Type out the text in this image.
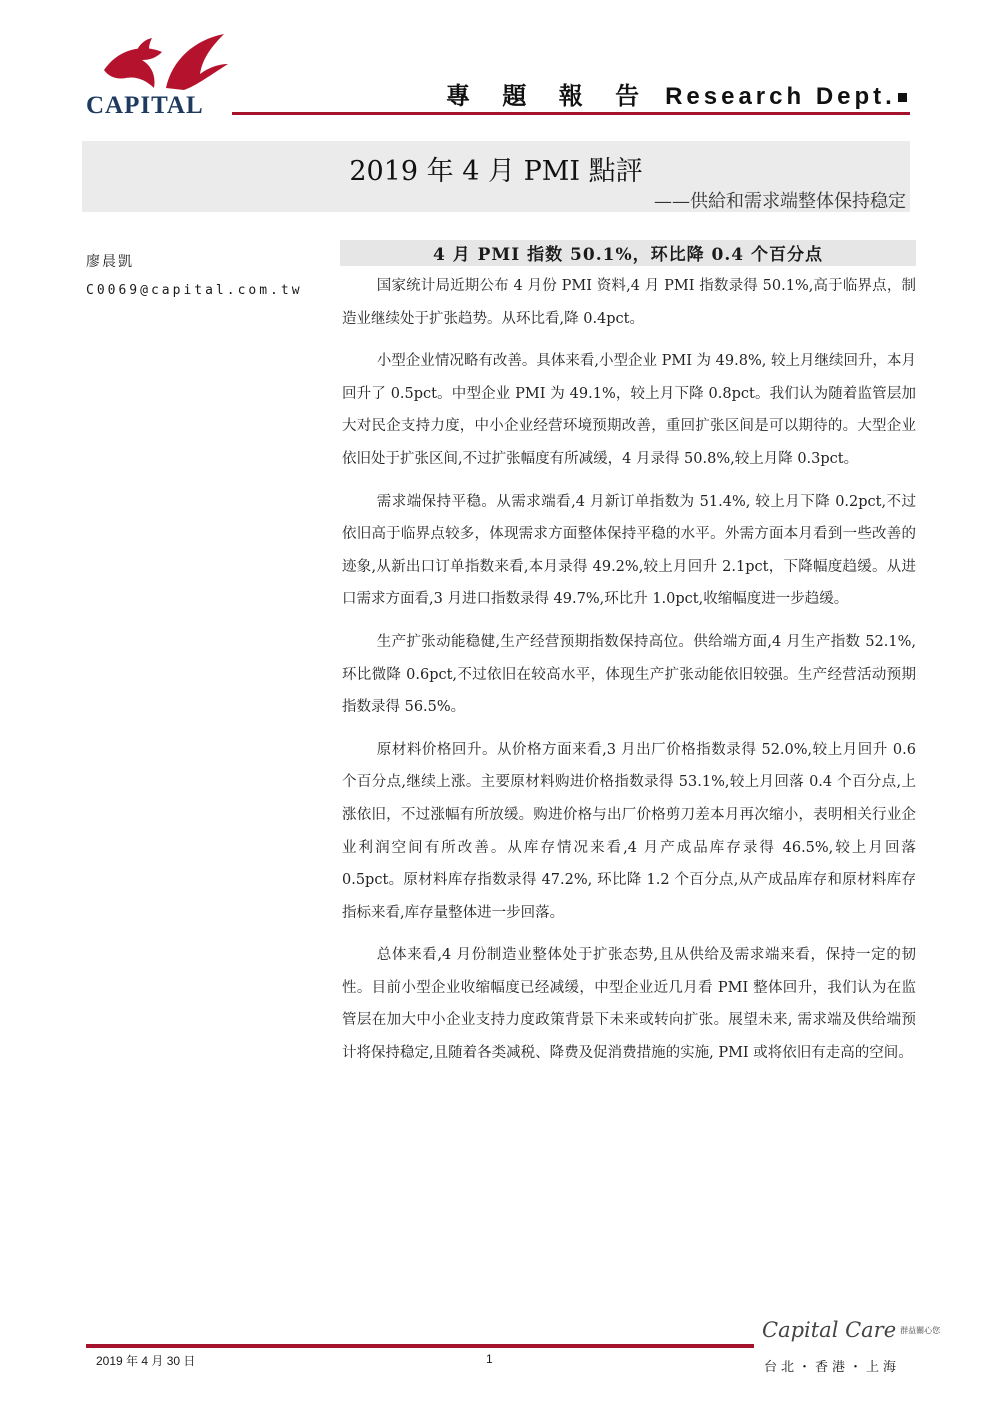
CAPITAL	專 題 報 告 Research Dept.
2019 年 4 月 PMI 點評
——供給和需求端整体保持稳定
廖晨凱
C0069@capital.com.tw
4 月 PMI 指数 50.1%，环比降 0.4 个百分点

国家统计局近期公布 4 月份 PMI 资料,4 月 PMI 指数录得 50.1%,高于临界点，制造业继续处于扩张趋势。从环比看,降 0.4pct。

小型企业情况略有改善。具体来看,小型企业 PMI 为 49.8%, 较上月继续回升，本月回升了 0.5pct。中型企业 PMI 为 49.1%，较上月下降 0.8pct。我们认为随着监管层加大对民企支持力度，中小企业经营环境预期改善，重回扩张区间是可以期待的。大型企业依旧处于扩张区间,不过扩张幅度有所减缓，4 月录得 50.8%,较上月降 0.3pct。

需求端保持平稳。从需求端看,4 月新订单指数为 51.4%, 较上月下降 0.2pct,不过依旧高于临界点较多，体现需求方面整体保持平稳的水平。外需方面本月看到一些改善的迹象,从新出口订单指数来看,本月录得 49.2%,较上月回升 2.1pct，下降幅度趋缓。从进口需求方面看,3 月进口指数录得 49.7%,环比升 1.0pct,收缩幅度进一步趋缓。

生产扩张动能稳健,生产经营预期指数保持高位。供给端方面,4 月生产指数 52.1%,环比微降 0.6pct,不过依旧在较高水平，体现生产扩张动能依旧较强。生产经营活动预期指数录得 56.5%。

原材料价格回升。从价格方面来看,3 月出厂价格指数录得 52.0%,较上月回升 0.6 个百分点,继续上涨。主要原材料购进价格指数录得 53.1%,较上月回落 0.4 个百分点,上涨依旧，不过涨幅有所放缓。购进价格与出厂价格剪刀差本月再次缩小，表明相关行业企业利润空间有所改善。从库存情况来看,4 月产成品库存录得 46.5%,较上月回落 0.5pct。原材料库存指数录得 47.2%, 环比降 1.2 个百分点,从产成品库存和原材料库存指标来看,库存量整体进一步回落。

总体来看,4 月份制造业整体处于扩张态势,且从供给及需求端来看，保持一定的韧性。目前小型企业收缩幅度已经减缓，中型企业近几月看 PMI 整体回升，我们认为在监管层在加大中小企业支持力度政策背景下未来或转向扩张。展望未来, 需求端及供给端预计将保持稳定,且随着各类减税、降费及促消费措施的实施, PMI 或将依旧有走高的空间。

2019 年 4 月 30 日	1
Capital Care 群益關心您
台北・香港・上海
